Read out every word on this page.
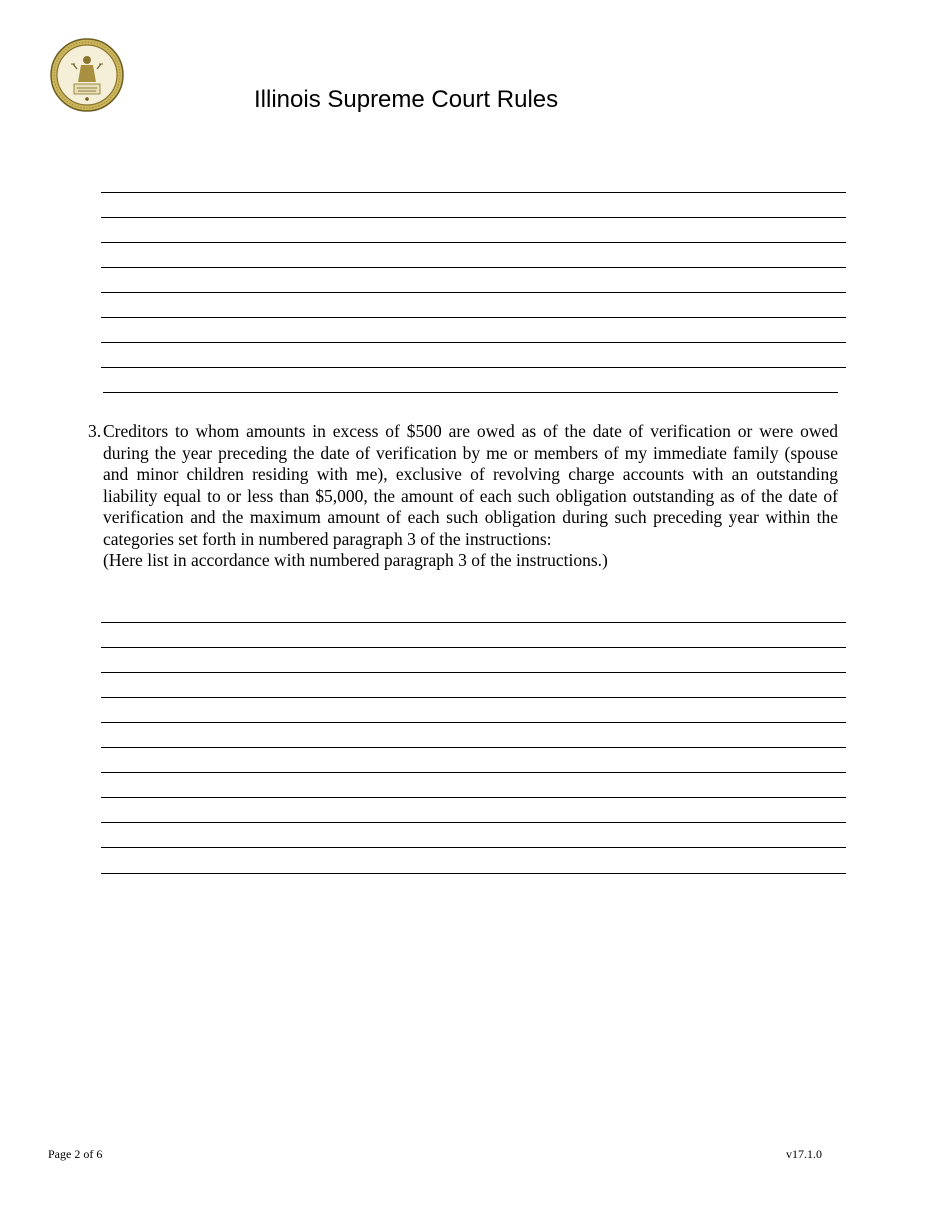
Illinois Supreme Court Rules
3. Creditors to whom amounts in excess of $500 are owed as of the date of verification or were owed during the year preceding the date of verification by me or members of my immediate family (spouse and minor children residing with me), exclusive of revolving charge accounts with an outstanding liability equal to or less than $5,000, the amount of each such obligation outstanding as of the date of verification and the maximum amount of each such obligation during such preceding year within the categories set forth in numbered paragraph 3 of the instructions:
(Here list in accordance with numbered paragraph 3 of the instructions.)
Page 2 of 6	v17.1.0
